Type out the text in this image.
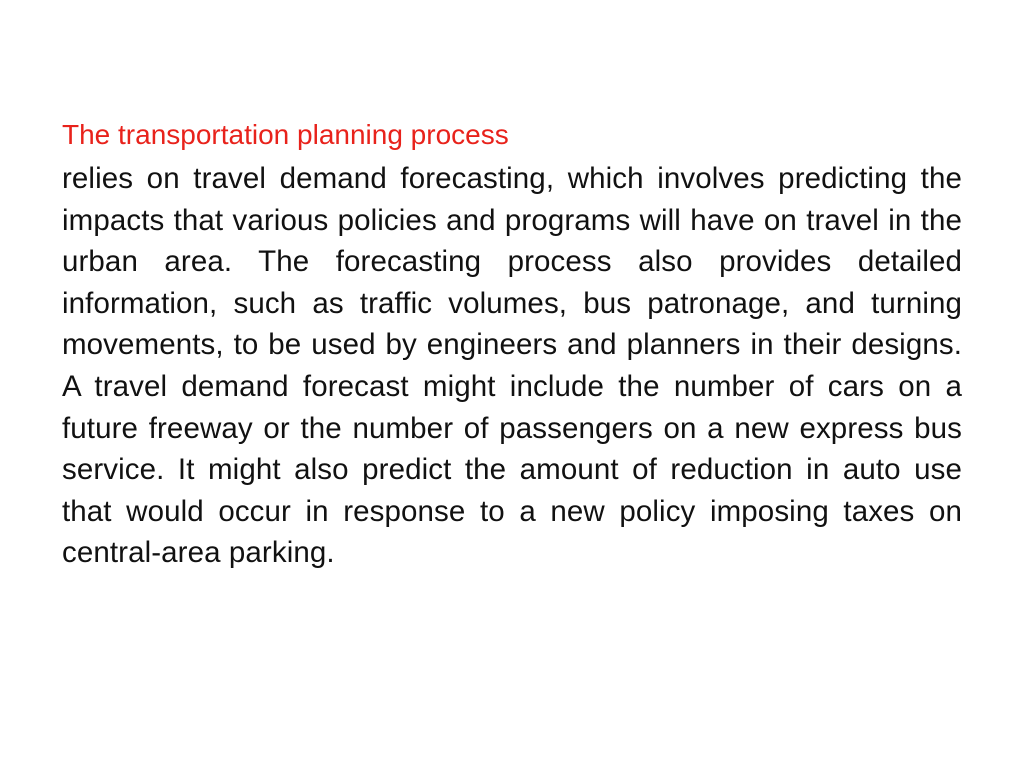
The transportation planning process

relies on travel demand forecasting, which involves predicting the impacts that various policies and programs will have on travel in the urban area. The forecasting process also provides detailed information, such as traffic volumes, bus patronage, and turning movements, to be used by engineers and planners in their designs. A travel demand forecast might include the number of cars on a future freeway or the number of passengers on a new express bus service. It might also predict the amount of reduction in auto use that would occur in response to a new policy imposing taxes on central-area parking.
